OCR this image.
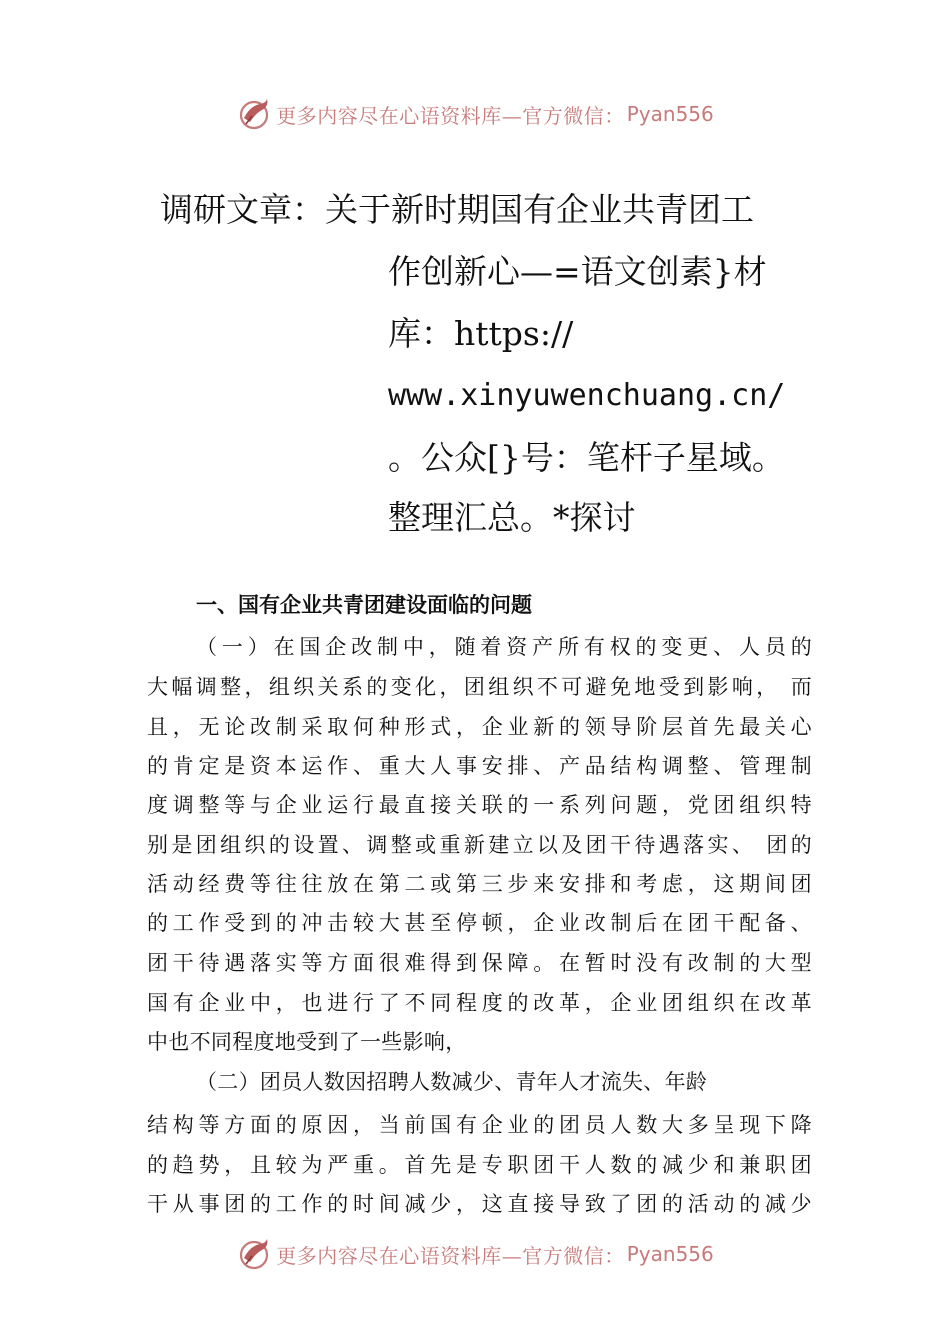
更多内容尽在心语资料库—官方微信： Pyan556
调研文章：关于新时期国有企业共青团工
作创新心—=语文创素}材
库：https://
www.xinyuwenchuang.cn/
。公众[}号：笔杆子星域。
整理汇总。*探讨
一、国有企业共青团建设面临的问题
（一）在国企改制中，随着资产所有权的变更、人员的
大幅调整，组织关系的变化，团组织不可避免地受到影响， 而
且，无论改制采取何种形式，企业新的领导阶层首先最关心
的肯定是资本运作、重大人事安排、产品结构调整、管理制
度调整等与企业运行最直接关联的一系列问题，党团组织特
别是团组织的设置、调整或重新建立以及团干待遇落实、 团的
活动经费等往往放在第二或第三步来安排和考虑，这期间团
的工作受到的冲击较大甚至停顿，企业改制后在团干配备、
团干待遇落实等方面很难得到保障。在暂时没有改制的大型
国有企业中，也进行了不同程度的改革，企业团组织在改革
中也不同程度地受到了一些影响，
（二）团员人数因招聘人数减少、青年人才流失、年龄
结构等方面的原因，当前国有企业的团员人数大多呈现下降
的趋势，且较为严重。首先是专职团干人数的减少和兼职团
干从事团的工作的时间减少，这直接导致了团的活动的减少
更多内容尽在心语资料库—官方微信： Pyan556
